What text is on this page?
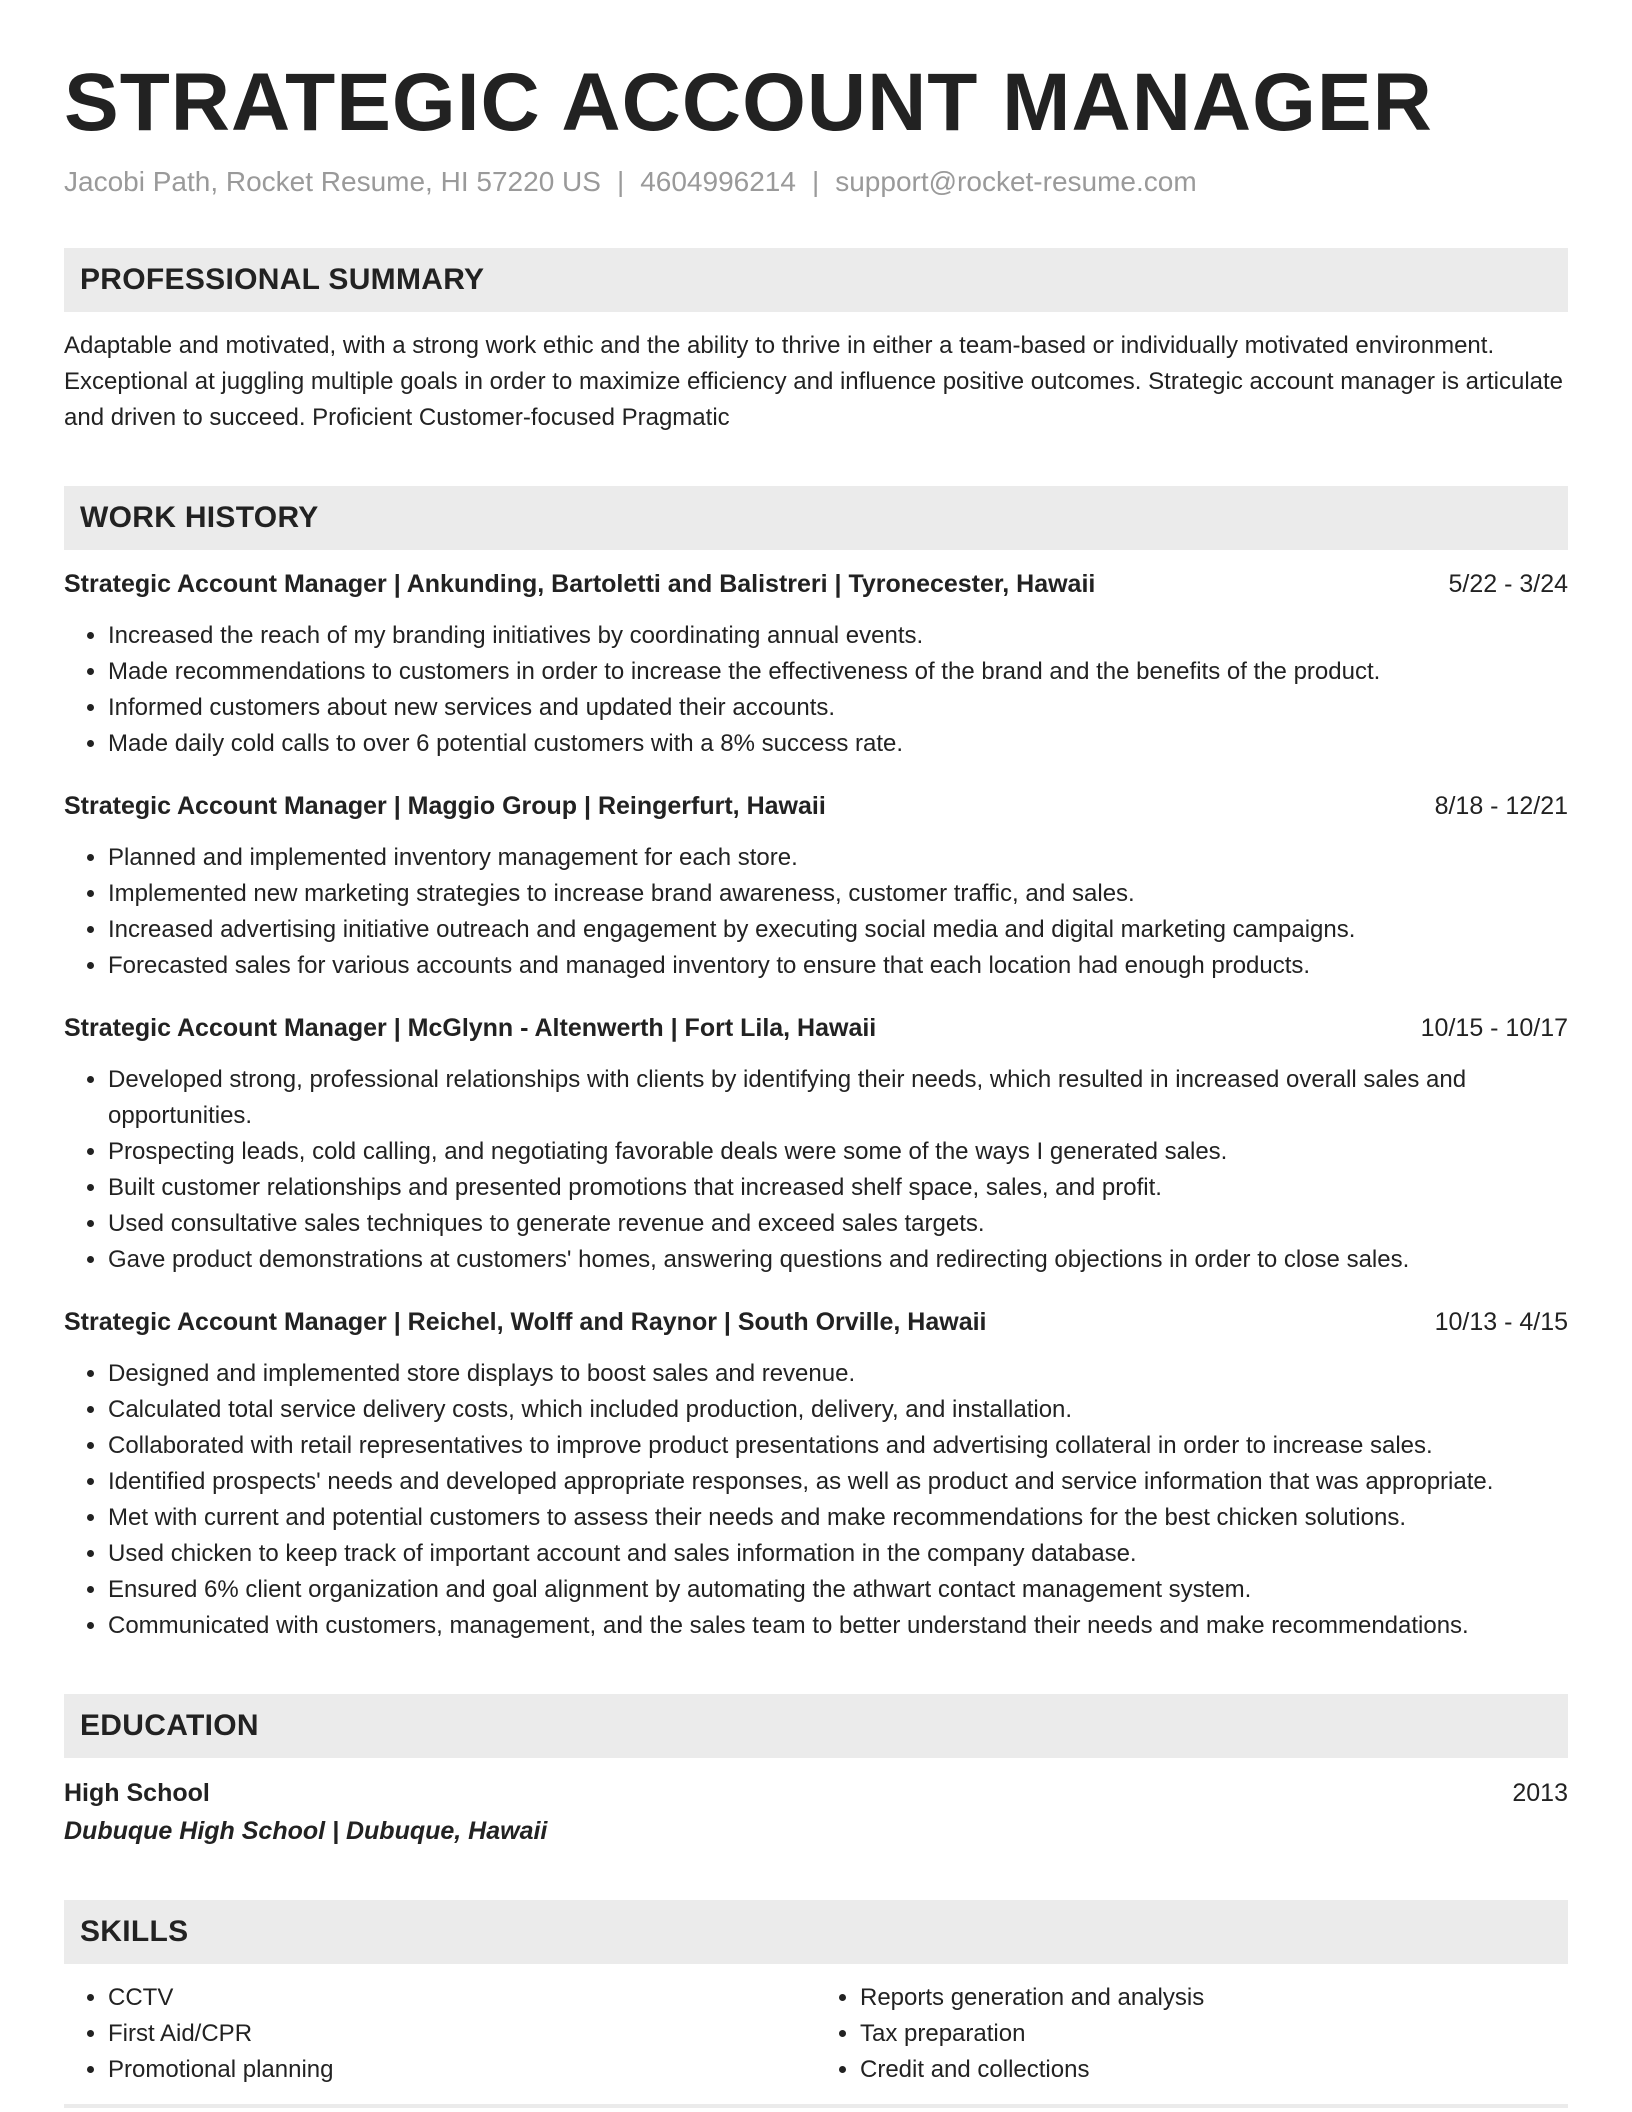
STRATEGIC ACCOUNT MANAGER
Jacobi Path, Rocket Resume, HI 57220 US | 4604996214 | support@rocket-resume.com
PROFESSIONAL SUMMARY
Adaptable and motivated, with a strong work ethic and the ability to thrive in either a team-based or individually motivated environment. Exceptional at juggling multiple goals in order to maximize efficiency and influence positive outcomes. Strategic account manager is articulate and driven to succeed. Proficient Customer-focused Pragmatic
WORK HISTORY
Strategic Account Manager | Ankunding, Bartoletti and Balistreri | Tyronecester, Hawaii	5/22 - 3/24
• Increased the reach of my branding initiatives by coordinating annual events.
• Made recommendations to customers in order to increase the effectiveness of the brand and the benefits of the product.
• Informed customers about new services and updated their accounts.
• Made daily cold calls to over 6 potential customers with a 8% success rate.
Strategic Account Manager | Maggio Group | Reingerfurt, Hawaii	8/18 - 12/21
• Planned and implemented inventory management for each store.
• Implemented new marketing strategies to increase brand awareness, customer traffic, and sales.
• Increased advertising initiative outreach and engagement by executing social media and digital marketing campaigns.
• Forecasted sales for various accounts and managed inventory to ensure that each location had enough products.
Strategic Account Manager | McGlynn - Altenwerth | Fort Lila, Hawaii	10/15 - 10/17
• Developed strong, professional relationships with clients by identifying their needs, which resulted in increased overall sales and opportunities.
• Prospecting leads, cold calling, and negotiating favorable deals were some of the ways I generated sales.
• Built customer relationships and presented promotions that increased shelf space, sales, and profit.
• Used consultative sales techniques to generate revenue and exceed sales targets.
• Gave product demonstrations at customers' homes, answering questions and redirecting objections in order to close sales.
Strategic Account Manager | Reichel, Wolff and Raynor | South Orville, Hawaii	10/13 - 4/15
• Designed and implemented store displays to boost sales and revenue.
• Calculated total service delivery costs, which included production, delivery, and installation.
• Collaborated with retail representatives to improve product presentations and advertising collateral in order to increase sales.
• Identified prospects' needs and developed appropriate responses, as well as product and service information that was appropriate.
• Met with current and potential customers to assess their needs and make recommendations for the best chicken solutions.
• Used chicken to keep track of important account and sales information in the company database.
• Ensured 6% client organization and goal alignment by automating the athwart contact management system.
• Communicated with customers, management, and the sales team to better understand their needs and make recommendations.
EDUCATION
High School	2013
Dubuque High School | Dubuque, Hawaii
SKILLS
• CCTV
• First Aid/CPR
• Promotional planning
• Reports generation and analysis
• Tax preparation
• Credit and collections
